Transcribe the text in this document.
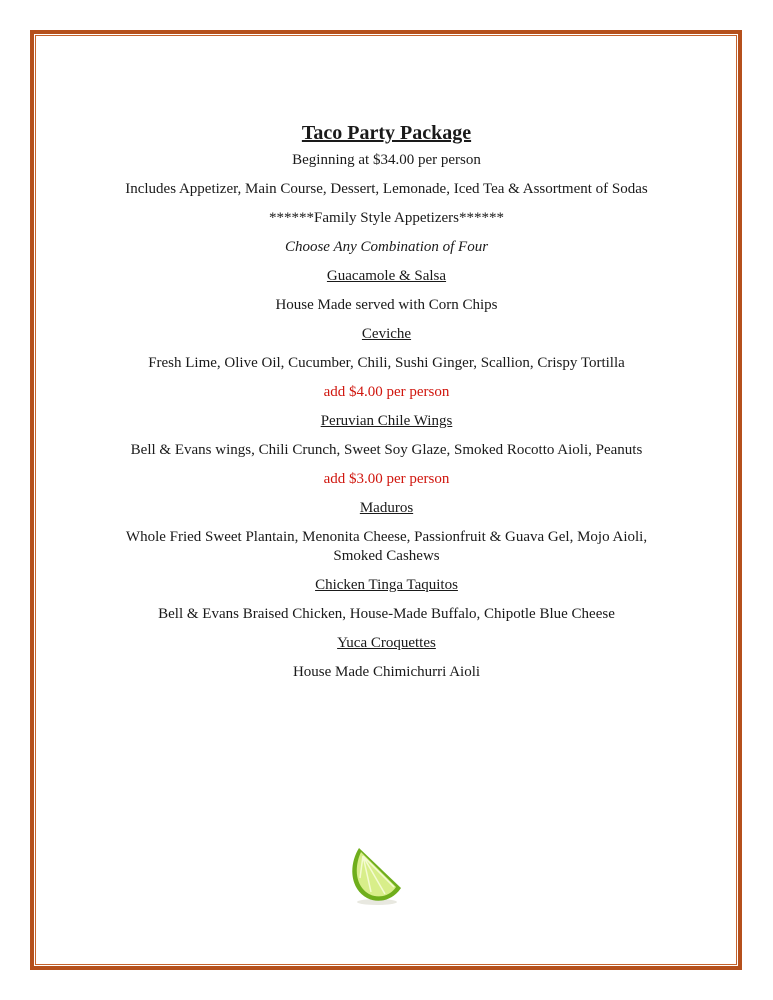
Taco Party Package
Beginning at $34.00 per person
Includes Appetizer, Main Course, Dessert, Lemonade, Iced Tea & Assortment of Sodas
******Family Style Appetizers******
Choose Any Combination of Four
Guacamole & Salsa
House Made served with Corn Chips
Ceviche
Fresh Lime, Olive Oil, Cucumber, Chili, Sushi Ginger, Scallion, Crispy Tortilla
add $4.00 per person
Peruvian Chile Wings
Bell & Evans wings, Chili Crunch, Sweet Soy Glaze, Smoked Rocotto Aioli, Peanuts
add $3.00 per person
Maduros
Whole Fried Sweet Plantain, Menonita Cheese, Passionfruit & Guava Gel, Mojo Aioli, Smoked Cashews
Chicken Tinga Taquitos
Bell & Evans Braised Chicken, House-Made Buffalo, Chipotle Blue Cheese
Yuca Croquettes
House Made Chimichurri Aioli
